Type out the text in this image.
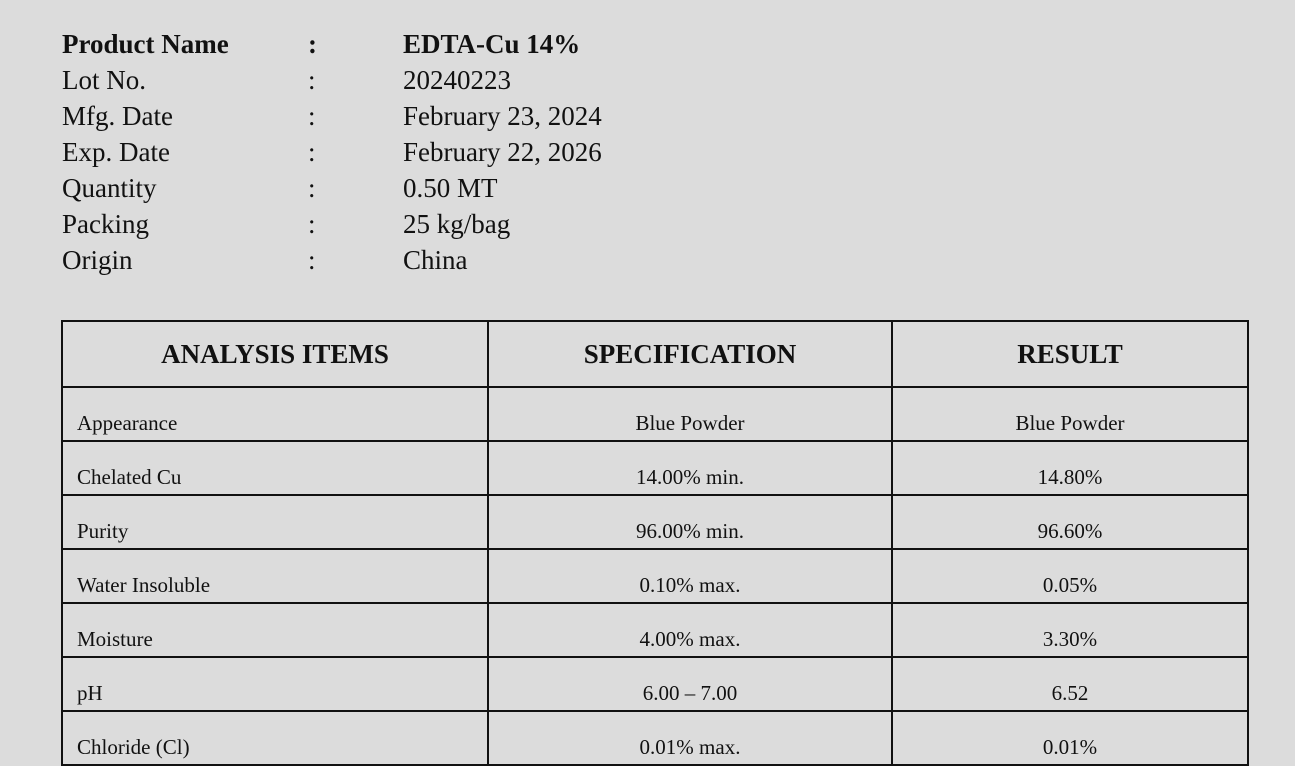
Product Name	:	EDTA-Cu 14%
Lot No.	:	20240223
Mfg. Date	:	February 23, 2024
Exp. Date	:	February 22, 2026
Quantity	:	0.50 MT
Packing	:	25 kg/bag
Origin	:	China
ANALYSIS ITEMS	SPECIFICATION	RESULT
Appearance	Blue Powder	Blue Powder
Chelated Cu	14.00% min.	14.80%
Purity	96.00% min.	96.60%
Water Insoluble	0.10% max.	0.05%
Moisture	4.00% max.	3.30%
pH	6.00 – 7.00	6.52
Chloride (Cl)	0.01% max.	0.01%
